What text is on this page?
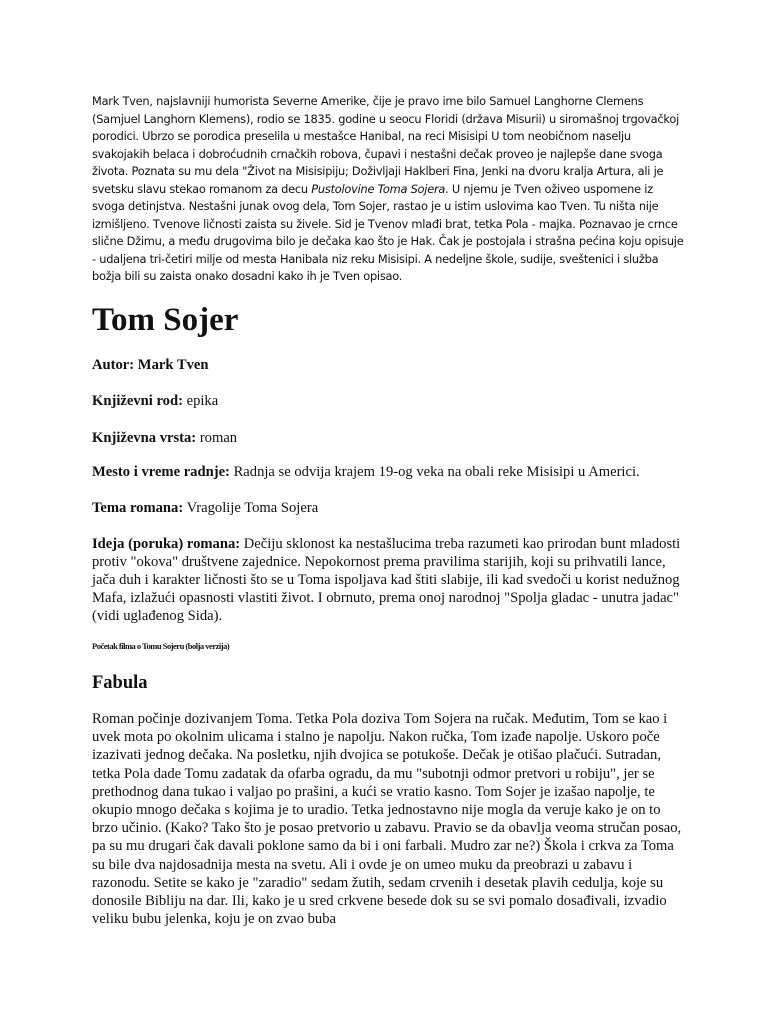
Mark Tven, najslavniji humorista Severne Amerike, čije je pravo ime bilo Samuel Langhorne Clemens (Samjuel Langhorn Klemens), rodio se 1835. godine u seocu Floridi (država Misurii) u siromašnoj trgovačkoj porodici. Ubrzo se porodica preselila u mestašce Hanibal, na reci Misisipi U tom neobičnom naselju svakojakih belaca i dobroćudnih crnačkih robova, čupavi i nestašni dečak proveo je najlepše dane svoga života. Poznata su mu dela "Život na Misisipiju; Doživljaji Haklberi Fina, Jenki na dvoru kralja Artura, ali je svetsku slavu stekao romanom za decu Pustolovine Toma Sojera. U njemu je Tven oživeo uspomene iz svoga detinjstva. Nestašni junak ovog dela, Tom Sojer, rastao je u istim uslovima kao Tven. Tu ništa nije izmišljeno. Tvenove ličnosti zaista su živele. Sid je Tvenov mlađi brat, tetka Pola - majka. Poznavao je crnce slične Džimu, a među drugovima bilo je dečaka kao što je Hak. Čak je postojala i strašna pećina koju opisuje - udaljena tri-četiri milje od mesta Hanibala niz reku Misisipi. A nedeljne škole, sudije, sveštenici i služba božja bili su zaista onako dosadni kako ih je Tven opisao.

Tom Sojer

Autor: Mark Tven

Književni rod: epika

Književna vrsta: roman

Mesto i vreme radnje: Radnja se odvija krajem 19-og veka na obali reke Misisipi u Americi.

Tema romana: Vragolije Toma Sojera

Ideja (poruka) romana: Dečiju sklonost ka nestašlucima treba razumeti kao prirodan bunt mladosti protiv "okova" društvene zajednice. Nepokornost prema pravilima starijih, koji su prihvatili lance, jača duh i karakter ličnosti što se u Toma ispoljava kad štiti slabije, ili kad svedoči u korist nedužnog Mafa, izlažući opasnosti vlastiti život. I obrnuto, prema onoj narodnoj "Spolja gladac - unutra jadac" (vidi uglađenog Sida).

Početak filma o Tomu Sojeru (bolja verzija)

Fabula

Roman počinje dozivanjem Toma. Tetka Pola doziva Tom Sojera na ručak. Međutim, Tom se kao i uvek mota po okolnim ulicama i stalno je napolju. Nakon ručka, Tom izađe napolje. Uskoro poče izazivati jednog dečaka. Na posletku, njih dvojica se potukoše. Dečak je otišao plačući. Sutradan, tetka Pola dade Tomu zadatak da ofarba ogradu, da mu "subotnji odmor pretvori u robiju", jer se prethodnog dana tukao i valjao po prašini, a kući se vratio kasno. Tom Sojer je izašao napolje, te okupio mnogo dečaka s kojima je to uradio. Tetka jednostavno nije mogla da veruje kako je on to brzo učinio. (Kako? Tako što je posao pretvorio u zabavu. Pravio se da obavlja veoma stručan posao, pa su mu drugari čak davali poklone samo da bi i oni farbali. Mudro zar ne?) Škola i crkva za Toma su bile dva najdosadnija mesta na svetu. Ali i ovde je on umeo muku da preobrazi u zabavu i razonodu. Setite se kako je "zaradio" sedam žutih, sedam crvenih i desetak plavih cedulja, koje su donosile Bibliju na dar. Ili, kako je u sred crkvene besede dok su se svi pomalo dosađivali, izvadio veliku bubu jelenka, koju je on zvao buba
